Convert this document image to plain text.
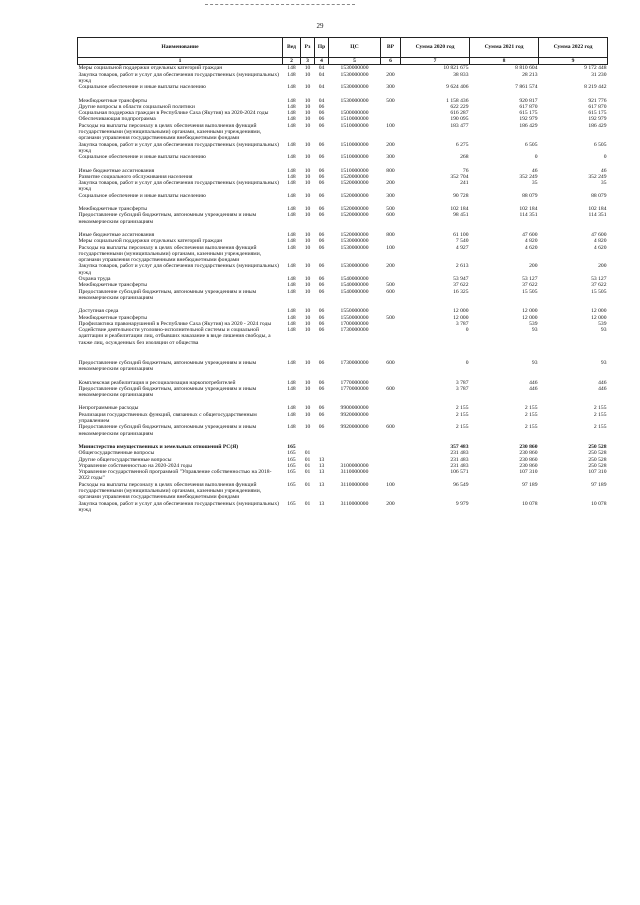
29
Наименование	Вед	Рз	Пр	ЦС	ВР	Сумма 2020 год	Сумма 2021 год	Сумма 2022 год
1	2	3	4	5	6	7	8	9
Меры социальной поддержки отдельных категорий граждан	148	10	04	1530000000		10 821 675	8 810 604	9 172 448
Закупка товаров, работ и услуг для обеспечения государственных (муниципальных) нужд	148	10	04	1530000000	200	38 833	28 213	31 230
Социальное обеспечение и иные выплаты населению	148	10	04	1530000000	300	9 624 406	7 861 574	8 219 442

Межбюджетные трансферты	148	10	04	1530000000	500	1 158 436	920 817	921 776
Другие вопросы в области социальной политики	148	10	06			622 229	617 870	617 870
Социальная поддержка граждан в Республике Саха (Якутия) на 2020-2024 годы	148	10	06	1500000000		616 287	615 175	615 175
Обеспечивающая подпрограмма	148	10	06	1510000000		190 095	192 979	192 979
Расходы на выплаты персоналу в целях обеспечения выполнения функций государственными (муниципальными) органами, казенными учреждениями, органами управления государственными внебюджетными фондами	148	10	06	1510000000	100	183 477	186 429	186 429
Закупка товаров, работ и услуг для обеспечения государственных (муниципальных) нужд	148	10	06	1510000000	200	6 275	6 505	6 505
Социальное обеспечение и иные выплаты населению	148	10	06	1510000000	300	268	0	0

Иные бюджетные ассигнования	148	10	06	1510000000	800	76	46	46
Развитие социального обслуживания населения	148	10	06	1520000000		352 704	352 249	352 249
Закупка товаров, работ и услуг для обеспечения государственных (муниципальных) нужд	148	10	06	1520000000	200	241	35	35
Социальное обеспечение и иные выплаты населению	148	10	06	1520000000	300	90 728	88 079	88 079

Межбюджетные трансферты	148	10	06	1520000000	500	102 184	102 184	102 184
Предоставление субсидий бюджетным, автономным учреждениям и иным некоммерческим организациям	148	10	06	1520000000	600	98 451	114 351	114 351

Иные бюджетные ассигнования	148	10	06	1520000000	800	61 100	47 600	47 600
Меры социальной поддержки отдельных категорий граждан	148	10	06	1530000000		7 540	4 820	4 820
Расходы на выплаты персоналу в целях обеспечения выполнения функций государственными (муниципальными) органами, казенными учреждениями, органами управления государственными внебюджетными фондами	148	10	06	1530000000	100	4 927	4 620	4 620
Закупка товаров, работ и услуг для обеспечения государственных (муниципальных) нужд	148	10	06	1530000000	200	2 613	200	200
Охрана труда	148	10	06	1540000000		53 947	53 127	53 127
Межбюджетные трансферты	148	10	06	1540000000	500	37 622	37 622	37 622
Предоставление субсидий бюджетным, автономным учреждениям и иным некоммерческим организациям	148	10	06	1540000000	600	16 325	15 505	15 505

Доступная среда	148	10	06	1550000000		12 000	12 000	12 000
Межбюджетные трансферты	148	10	06	1550000000	500	12 000	12 000	12 000
Профилактика правонарушений в Республике Саха (Якутия) на 2020 - 2024 годы	148	10	06	1700000000		3 787	539	539
Содействие деятельности уголовно-исполнительной системы и социальной адаптации и реабилитации лиц, отбывших наказание в виде лишения свободы, а также лиц, осужденных без изоляции от общества	148	10	06	1730000000		0	93	93

Предоставление субсидий бюджетным, автономным учреждениям и иным некоммерческим организациям	148	10	06	1730000000	600	0	93	93

Комплексная реабилитация и ресоциализация наркопотребителей	148	10	06	1770000000		3 787	446	446
Предоставление субсидий бюджетным, автономным учреждениям и иным некоммерческим организациям	148	10	06	1770000000	600	3 787	446	446

Непрограммные расходы	148	10	06	9900000000		2 155	2 155	2 155
Реализация государственных функций, связанных с общегосударственным управлением	148	10	06	9920000000		2 155	2 155	2 155
Предоставление субсидий бюджетным, автономным учреждениям и иным некоммерческим организациям	148	10	06	9920000000	600	2 155	2 155	2 155

Министерство имущественных и земельных отношений РС(Я)	165					357 483	230 860	250 528
Общегосударственные вопросы	165	01				231 483	230 860	250 528
Другие общегосударственные вопросы	165	01	13			231 483	230 860	250 528
Управление собственностью на 2020-2024 годы	165	01	13	3100000000		231 483	230 860	250 528
Управление государственной программой "Управление собственностью на 2018-2022 годы"	165	01	13	3110000000		106 571	107 310	107 310
Расходы на выплаты персоналу в целях обеспечения выполнения функций государственными (муниципальными) органами, казенными учреждениями, органами управления государственными внебюджетными фондами	165	01	13	3110000000	100	96 549	97 189	97 189
Закупка товаров, работ и услуг для обеспечения государственных (муниципальных) нужд	165	01	13	3110000000	200	9 979	10 078	10 078
